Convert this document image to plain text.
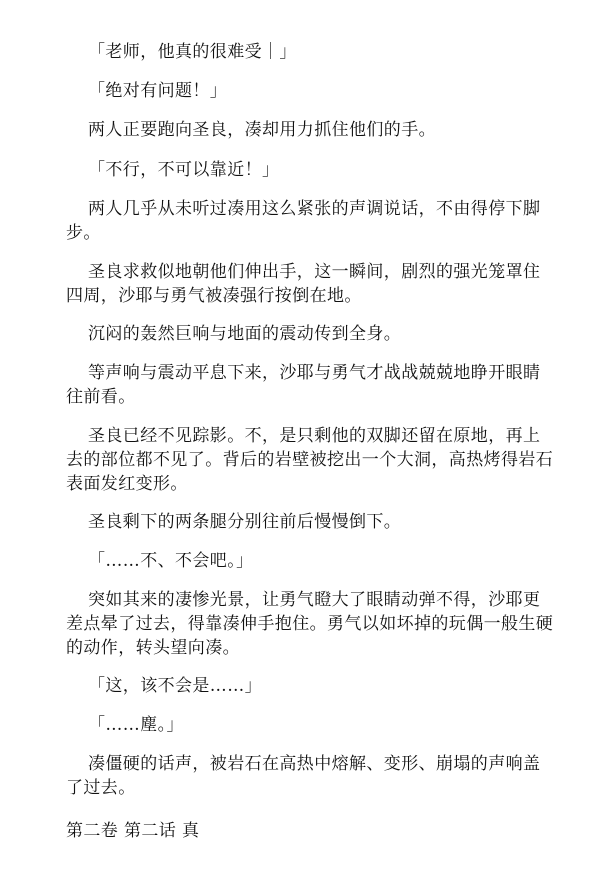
「老师，他真的很难受｜」

「绝对有问题！」

两人正要跑向圣良，凑却用力抓住他们的手。

「不行，不可以靠近！」

两人几乎从未听过凑用这么紧张的声调说话，不由得停下脚步。

圣良求救似地朝他们伸出手，这一瞬间，剧烈的强光笼罩住四周，沙耶与勇气被凑强行按倒在地。

沉闷的轰然巨响与地面的震动传到全身。

等声响与震动平息下来，沙耶与勇气才战战兢兢地睁开眼睛往前看。

圣良已经不见踪影。不，是只剩他的双脚还留在原地，再上去的部位都不见了。背后的岩壁被挖出一个大洞，高热烤得岩石表面发红变形。

圣良剩下的两条腿分别往前后慢慢倒下。

「……不、不会吧。」

突如其来的凄惨光景，让勇气瞪大了眼睛动弹不得，沙耶更差点晕了过去，得靠凑伸手抱住。勇气以如坏掉的玩偶一般生硬的动作，转头望向凑。

「这，该不会是……」

「……塵。」

凑僵硬的话声，被岩石在高热中熔解、变形、崩塌的声响盖了过去。

第二卷 第二话 真
